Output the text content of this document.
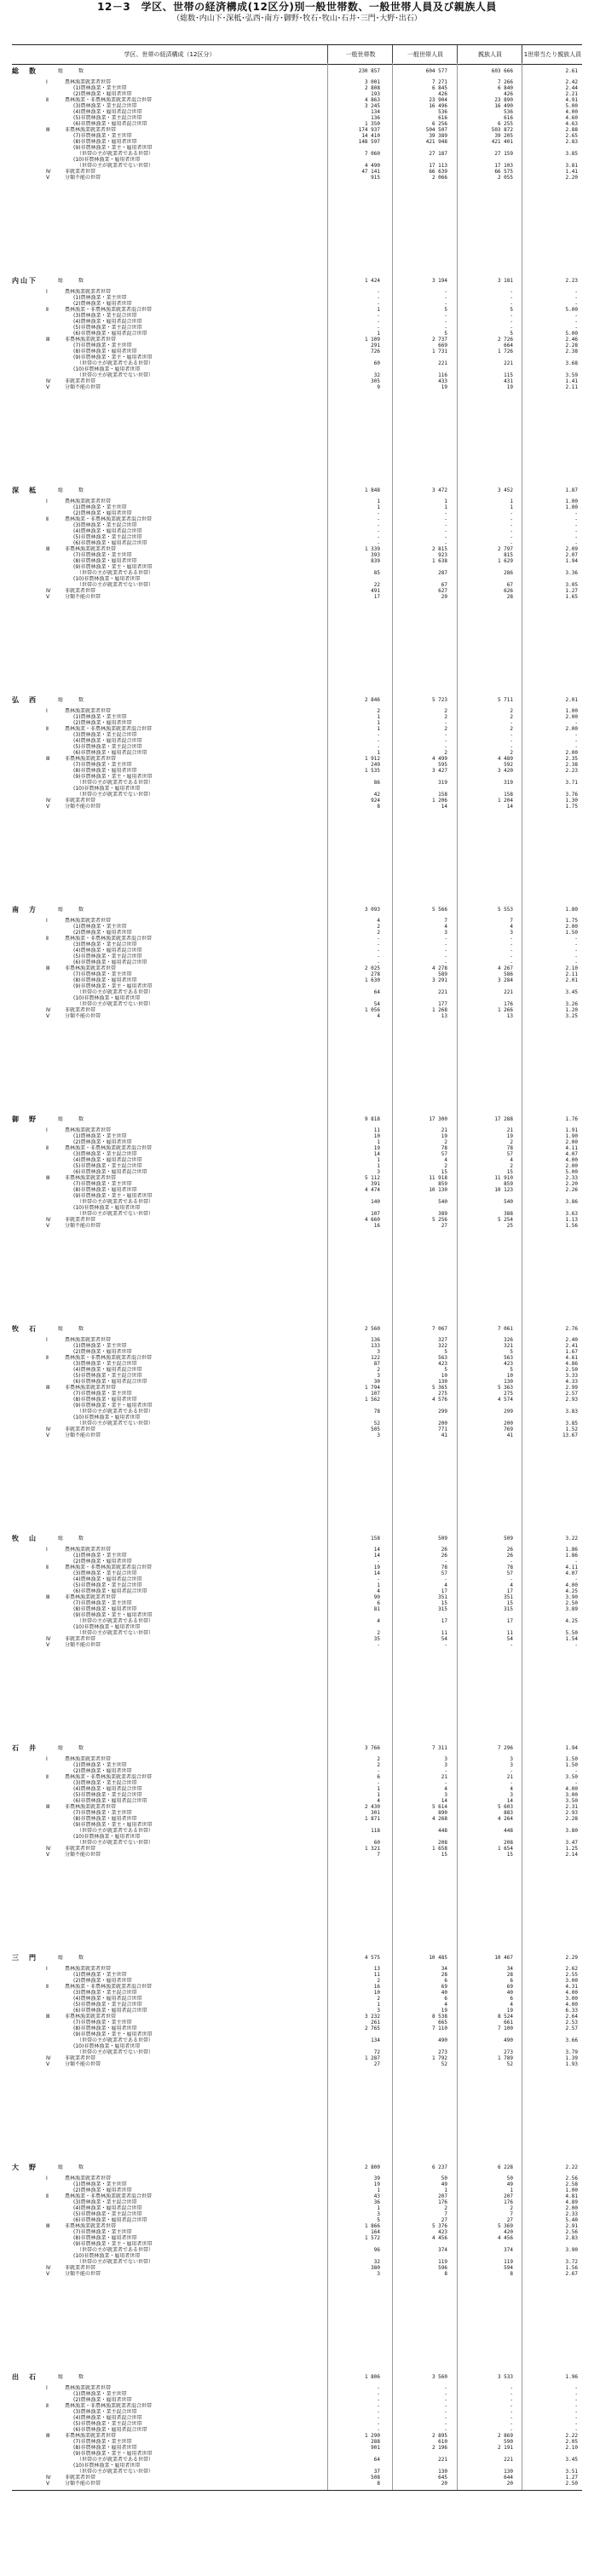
12－3　学区、世帯の経済構成(12区分)別一般世帯数、一般世帯人員及び親族人員
（総数･内山下･深柢･弘西･南方･御野･牧石･牧山･石井･三門･大野･出石）
学区、世帯の経済構成（12区分）	一般世帯数	一般世帯人員	親族人員	1世帯当たり親族人員
総　数	総　　　数	230 857	604 577	603 666	2.61
Ⅰ	農林漁業就業者世帯	3 001	7 271	7 266	2.42
(1)農林漁業・業主世帯	2 808	6 845	6 840	2.44
(2)農林漁業・雇用者世帯	193	426	426	2.21
Ⅱ	農林漁業・非農林漁業就業者混合世帯	4 863	23 904	23 890	4.91
(3)農林漁業・業主混合世帯	3 245	16 496	16 490	5.00
(4)農林漁業・雇用者混合世帯	134	536	536	4.00
(5)非農林漁業・業主混合世帯	136	616	616	4.60
(6)非農林漁業・雇用者混合世帯	1 350	6 256	6 255	4.63
Ⅲ	非農林漁業就業者世帯	174 937	504 507	503 872	2.88
(7)非農林漁業・業主世帯	14 410	39 389	39 205	2.65
(8)非農林漁業・雇用者世帯	148 597	421 948	421 401	2.83
(9)非農林漁業・業主・雇用者世帯
（世帯の主が就業者である世帯）	7 060	27 187	27 159	3.85
(10)非農林漁業・雇用者世帯
（世帯の主が就業者でない世帯）	4 490	17 113	17 103	3.81
Ⅳ	非就業者世帯	47 141	66 639	66 575	1.41
Ⅴ	分類不能の世帯	915	2 066	2 055	2.20
内山下	総　　　数	1 424	3 194	3 181	2.23
Ⅰ	農林漁業就業者世帯	-	-	-	-
(1)農林漁業・業主世帯	-	-	-	-
(2)農林漁業・雇用者世帯	-	-	-	-
Ⅱ	農林漁業・非農林漁業就業者混合世帯	1	5	5	5.00
(3)農林漁業・業主混合世帯	-	-	-	-
(4)農林漁業・雇用者混合世帯	-	-	-	-
(5)非農林漁業・業主混合世帯	-	-	-	-
(6)非農林漁業・雇用者混合世帯	1	5	5	5.00
Ⅲ	非農林漁業就業者世帯	1 109	2 737	2 726	2.46
(7)非農林漁業・業主世帯	291	669	664	2.28
(8)非農林漁業・雇用者世帯	726	1 731	1 726	2.38
(9)非農林漁業・業主・雇用者世帯
（世帯の主が就業者である世帯）	60	221	221	3.68
(10)非農林漁業・雇用者世帯
（世帯の主が就業者でない世帯）	32	116	115	3.59
Ⅳ	非就業者世帯	305	433	431	1.41
Ⅴ	分類不能の世帯	9	19	19	2.11
深　柢	総　　　数	1 848	3 472	3 452	1.87
Ⅰ	農林漁業就業者世帯	1	1	1	1.00
(1)農林漁業・業主世帯	1	1	1	1.00
(2)農林漁業・雇用者世帯	-	-	-	-
Ⅱ	農林漁業・非農林漁業就業者混合世帯	-	-	-	-
(3)農林漁業・業主混合世帯	-	-	-	-
(4)農林漁業・雇用者混合世帯	-	-	-	-
(5)非農林漁業・業主混合世帯	-	-	-	-
(6)非農林漁業・雇用者混合世帯	-	-	-	-
Ⅲ	非農林漁業就業者世帯	1 339	2 815	2 797	2.09
(7)非農林漁業・業主世帯	393	923	815	2.07
(8)非農林漁業・雇用者世帯	839	1 638	1 629	1.94
(9)非農林漁業・業主・雇用者世帯
（世帯の主が就業者である世帯）	85	287	286	3.36
(10)非農林漁業・雇用者世帯
（世帯の主が就業者でない世帯）	22	67	67	3.05
Ⅳ	非就業者世帯	491	627	626	1.27
Ⅴ	分類不能の世帯	17	29	28	1.65
弘　西	総　　　数	2 846	5 723	5 711	2.01
Ⅰ	農林漁業就業者世帯	2	2	2	1.00
(1)農林漁業・業主世帯	1	2	2	2.00
(2)農林漁業・雇用者世帯	1	-	-	-
Ⅱ	農林漁業・非農林漁業就業者混合世帯	1	2	2	2.00
(3)農林漁業・業主混合世帯	-	-	-	-
(4)農林漁業・雇用者混合世帯	-	-	-	-
(5)非農林漁業・業主混合世帯	-	-	-	-
(6)非農林漁業・雇用者混合世帯	1	2	2	2.00
Ⅲ	非農林漁業就業者世帯	1 912	4 499	4 489	2.35
(7)非農林漁業・業主世帯	249	595	592	2.38
(8)非農林漁業・雇用者世帯	1 535	3 427	3 420	2.23
(9)非農林漁業・業主・雇用者世帯
（世帯の主が就業者である世帯）	86	319	319	3.71
(10)非農林漁業・雇用者世帯
（世帯の主が就業者でない世帯）	42	158	158	3.76
Ⅳ	非就業者世帯	924	1 206	1 204	1.30
Ⅴ	分類不能の世帯	8	14	14	1.75
南　方	総　　　数	3 093	5 566	5 553	1.80
Ⅰ	農林漁業就業者世帯	4	7	7	1.75
(1)農林漁業・業主世帯	2	4	4	2.00
(2)農林漁業・雇用者世帯	2	3	3	1.50
Ⅱ	農林漁業・非農林漁業就業者混合世帯	-	-	-	-
(3)農林漁業・業主混合世帯	-	-	-	-
(4)農林漁業・雇用者混合世帯	-	-	-	-
(5)非農林漁業・業主混合世帯	-	-	-	-
(6)非農林漁業・雇用者混合世帯	-	-	-	-
Ⅲ	非農林漁業就業者世帯	2 025	4 278	4 267	2.10
(7)非農林漁業・業主世帯	278	589	586	2.11
(8)非農林漁業・雇用者世帯	1 630	3 291	3 284	2.01
(9)非農林漁業・業主・雇用者世帯
（世帯の主が就業者である世帯）	64	221	221	3.45
(10)非農林漁業・雇用者世帯
（世帯の主が就業者でない世帯）	54	177	176	3.26
Ⅳ	非就業者世帯	1 056	1 268	1 266	1.20
Ⅴ	分類不能の世帯	4	13	13	3.25
御　野	総　　　数	9 818	17 300	17 288	1.76
Ⅰ	農林漁業就業者世帯	11	21	21	1.91
(1)農林漁業・業主世帯	10	19	19	1.90
(2)農林漁業・雇用者世帯	1	2	2	2.00
Ⅱ	農林漁業・非農林漁業就業者混合世帯	19	78	78	4.11
(3)農林漁業・業主混合世帯	14	57	57	4.07
(4)農林漁業・雇用者混合世帯	1	4	4	4.00
(5)非農林漁業・業主混合世帯	1	2	2	2.00
(6)非農林漁業・雇用者混合世帯	3	15	15	5.00
Ⅲ	非農林漁業就業者世帯	5 112	11 918	11 910	2.33
(7)非農林漁業・業主世帯	391	859	859	2.20
(8)非農林漁業・雇用者世帯	4 474	10 130	10 123	2.26
(9)非農林漁業・業主・雇用者世帯
（世帯の主が就業者である世帯）	140	540	540	3.86
(10)非農林漁業・雇用者世帯
（世帯の主が就業者でない世帯）	107	389	388	3.63
Ⅳ	非就業者世帯	4 660	5 256	5 254	1.13
Ⅴ	分類不能の世帯	16	27	25	1.56
牧　石	総　　　数	2 560	7 067	7 061	2.76
Ⅰ	農林漁業就業者世帯	136	327	326	2.40
(1)農林漁業・業主世帯	133	322	321	2.41
(2)農林漁業・雇用者世帯	3	5	5	1.67
Ⅱ	農林漁業・非農林漁業就業者混合世帯	122	563	563	4.61
(3)農林漁業・業主混合世帯	87	423	423	4.86
(4)農林漁業・雇用者混合世帯	2	5	5	2.50
(5)非農林漁業・業主混合世帯	3	10	10	3.33
(6)非農林漁業・雇用者混合世帯	30	130	130	4.33
Ⅲ	非農林漁業就業者世帯	1 794	5 365	5 363	2.99
(7)非農林漁業・業主世帯	107	275	275	2.57
(8)非農林漁業・雇用者世帯	1 562	4 576	4 574	2.93
(9)非農林漁業・業主・雇用者世帯
（世帯の主が就業者である世帯）	78	299	299	3.83
(10)非農林漁業・雇用者世帯
（世帯の主が就業者でない世帯）	52	200	200	3.85
Ⅳ	非就業者世帯	505	771	769	1.52
Ⅴ	分類不能の世帯	3	41	41	13.67
牧　山	総　　　数	158	509	509	3.22
Ⅰ	農林漁業就業者世帯	14	26	26	1.86
(1)農林漁業・業主世帯	14	26	26	1.86
(2)農林漁業・雇用者世帯	-	-	-	-
Ⅱ	農林漁業・非農林漁業就業者混合世帯	19	78	78	4.11
(3)農林漁業・業主混合世帯	14	57	57	4.07
(4)農林漁業・雇用者混合世帯	-	-	-	-
(5)非農林漁業・業主混合世帯	1	4	4	4.00
(6)非農林漁業・雇用者混合世帯	4	17	17	4.25
Ⅲ	非農林漁業就業者世帯	90	351	351	3.90
(7)非農林漁業・業主世帯	6	15	15	2.50
(8)非農林漁業・雇用者世帯	81	315	315	3.89
(9)非農林漁業・業主・雇用者世帯
（世帯の主が就業者である世帯）	4	17	17	4.25
(10)非農林漁業・雇用者世帯
（世帯の主が就業者でない世帯）	2	11	11	5.50
Ⅳ	非就業者世帯	35	54	54	1.54
Ⅴ	分類不能の世帯	-	-	-	-
石　井	総　　　数	3 766	7 311	7 296	1.94
Ⅰ	農林漁業就業者世帯	2	3	3	1.50
(1)農林漁業・業主世帯	2	3	3	1.50
(2)農林漁業・雇用者世帯	-	-	-	-
Ⅱ	農林漁業・非農林漁業就業者混合世帯	6	21	21	3.50
(3)農林漁業・業主混合世帯	-	-	-	-
(4)農林漁業・雇用者混合世帯	1	4	4	4.00
(5)非農林漁業・業主混合世帯	1	3	3	3.00
(6)非農林漁業・雇用者混合世帯	4	14	14	3.50
Ⅲ	非農林漁業就業者世帯	2 430	5 614	5 603	2.31
(7)非農林漁業・業主世帯	301	890	883	2.93
(8)非農林漁業・雇用者世帯	1 871	4 268	4 264	2.28
(9)非農林漁業・業主・雇用者世帯
（世帯の主が就業者である世帯）	118	448	448	3.80
(10)非農林漁業・雇用者世帯
（世帯の主が就業者でない世帯）	60	208	208	3.47
Ⅳ	非就業者世帯	1 321	1 658	1 654	1.25
Ⅴ	分類不能の世帯	7	15	15	2.14
三　門	総　　　数	4 575	10 485	10 467	2.29
Ⅰ	農林漁業就業者世帯	13	34	34	2.62
(1)農林漁業・業主世帯	11	28	28	2.55
(2)農林漁業・雇用者世帯	2	6	6	3.00
Ⅱ	農林漁業・非農林漁業就業者混合世帯	16	69	69	4.31
(3)農林漁業・業主混合世帯	10	40	40	4.00
(4)農林漁業・雇用者混合世帯	2	6	6	3.00
(5)非農林漁業・業主混合世帯	1	4	4	4.00
(6)非農林漁業・雇用者混合世帯	3	19	19	6.33
Ⅲ	非農林漁業就業者世帯	3 232	8 538	8 524	2.64
(7)非農林漁業・業主世帯	261	665	661	2.53
(8)非農林漁業・雇用者世帯	2 765	7 110	7 100	2.57
(9)非農林漁業・業主・雇用者世帯
（世帯の主が就業者である世帯）	134	490	490	3.66
(10)非農林漁業・雇用者世帯
（世帯の主が就業者でない世帯）	72	273	273	3.79
Ⅳ	非就業者世帯	1 287	1 792	1 789	1.39
Ⅴ	分類不能の世帯	27	52	52	1.93
大　野	総　　　数	2 800	6 237	6 228	2.22
Ⅰ	農林漁業就業者世帯	39	50	50	2.56
(1)農林漁業・業主世帯	19	49	49	2.58
(2)農林漁業・雇用者世帯	1	1	1	1.00
Ⅱ	農林漁業・非農林漁業就業者混合世帯	43	207	207	4.81
(3)農林漁業・業主混合世帯	36	176	176	4.89
(4)農林漁業・雇用者混合世帯	1	2	2	2.00
(5)非農林漁業・業主混合世帯	3	7	7	2.33
(6)非農林漁業・雇用者混合世帯	5	27	27	5.40
Ⅲ	非農林漁業就業者世帯	1 866	5 376	5 369	2.91
(7)非農林漁業・業主世帯	164	423	420	2.56
(8)非農林漁業・雇用者世帯	1 572	4 456	4 456	2.83
(9)非農林漁業・業主・雇用者世帯
（世帯の主が就業者である世帯）	96	374	374	3.90
(10)非農林漁業・雇用者世帯
（世帯の主が就業者でない世帯）	32	119	119	3.72
Ⅳ	非就業者世帯	380	596	594	1.56
Ⅴ	分類不能の世帯	3	8	8	2.67
出　石	総　　　数	1 806	3 560	3 533	1.96
Ⅰ	農林漁業就業者世帯	-	-	-	-
(1)農林漁業・業主世帯	-	-	-	-
(2)農林漁業・雇用者世帯	-	-	-	-
Ⅱ	農林漁業・非農林漁業就業者混合世帯	-	-	-	-
(3)農林漁業・業主混合世帯	-	-	-	-
(4)農林漁業・雇用者混合世帯	-	-	-	-
(5)非農林漁業・業主混合世帯	-	-	-	-
(6)非農林漁業・雇用者混合世帯	-	-	-	-
Ⅲ	非農林漁業就業者世帯	1 290	2 895	2 869	2.22
(7)非農林漁業・業主世帯	288	610	590	2.05
(8)非農林漁業・雇用者世帯	901	2 196	2 191	2.10
(9)非農林漁業・業主・雇用者世帯
（世帯の主が就業者である世帯）	64	221	221	3.45
(10)非農林漁業・雇用者世帯
（世帯の主が就業者でない世帯）	37	130	130	3.51
Ⅳ	非就業者世帯	508	645	644	1.27
Ⅴ	分類不能の世帯	8	20	20	2.50
